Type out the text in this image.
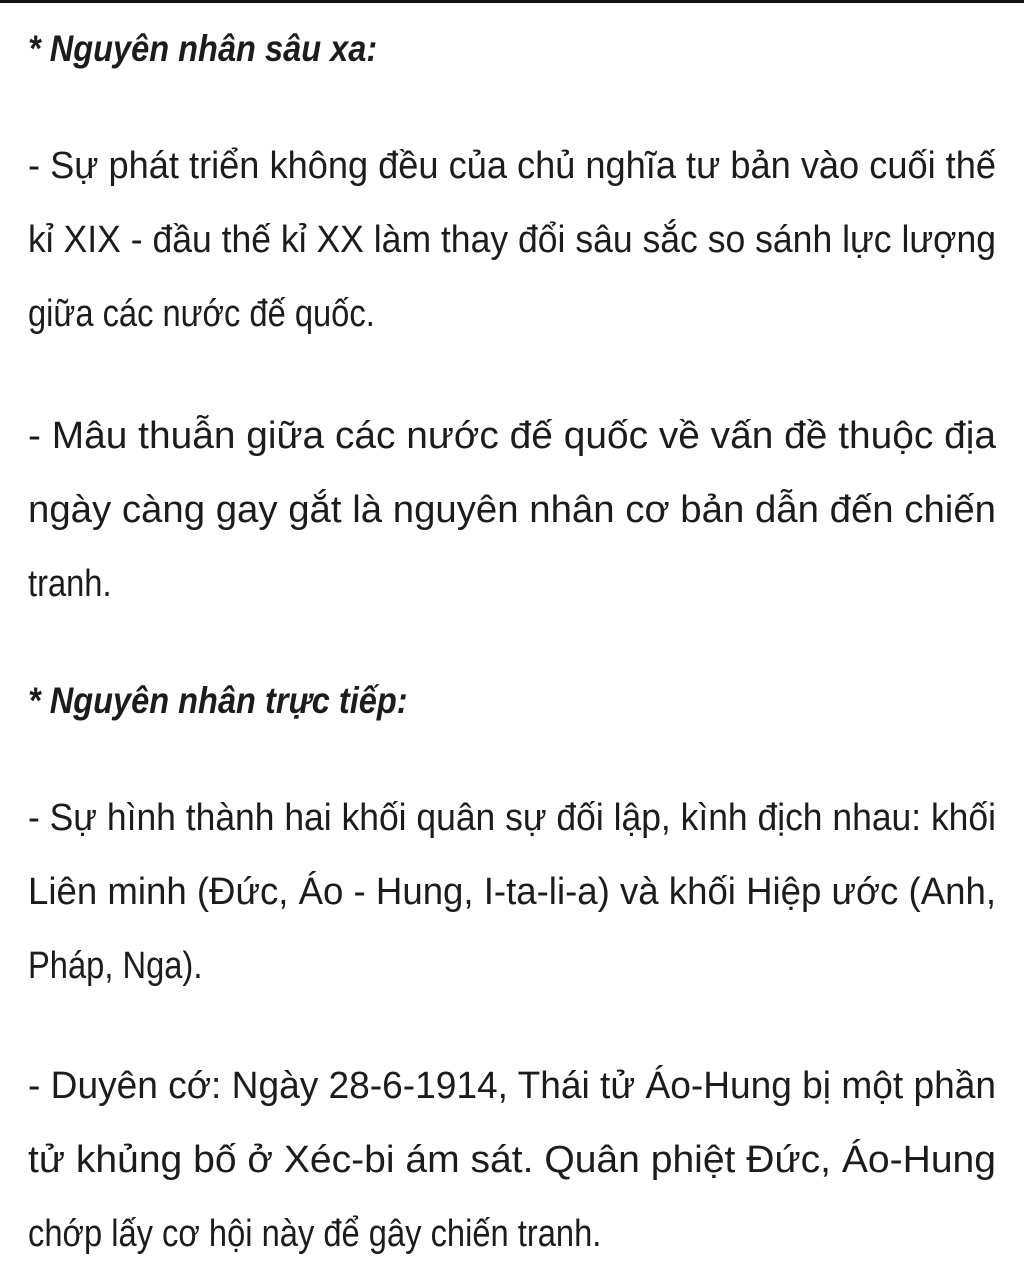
* Nguyên nhân sâu xa:

- Sự phát triển không đều của chủ nghĩa tư bản vào cuối thế
kỉ XIX - đầu thế kỉ XX làm thay đổi sâu sắc so sánh lực lượng
giữa các nước đế quốc.

- Mâu thuẫn giữa các nước đế quốc về vấn đề thuộc địa
ngày càng gay gắt là nguyên nhân cơ bản dẫn đến chiến
tranh.

* Nguyên nhân trực tiếp:

- Sự hình thành hai khối quân sự đối lập, kình địch nhau: khối
Liên minh (Đức, Áo - Hung, I-ta-li-a) và khối Hiệp ước (Anh,
Pháp, Nga).

- Duyên cớ: Ngày 28-6-1914, Thái tử Áo-Hung bị một phần
tử khủng bố ở Xéc-bi ám sát. Quân phiệt Đức, Áo-Hung
chớp lấy cơ hội này để gây chiến tranh.
